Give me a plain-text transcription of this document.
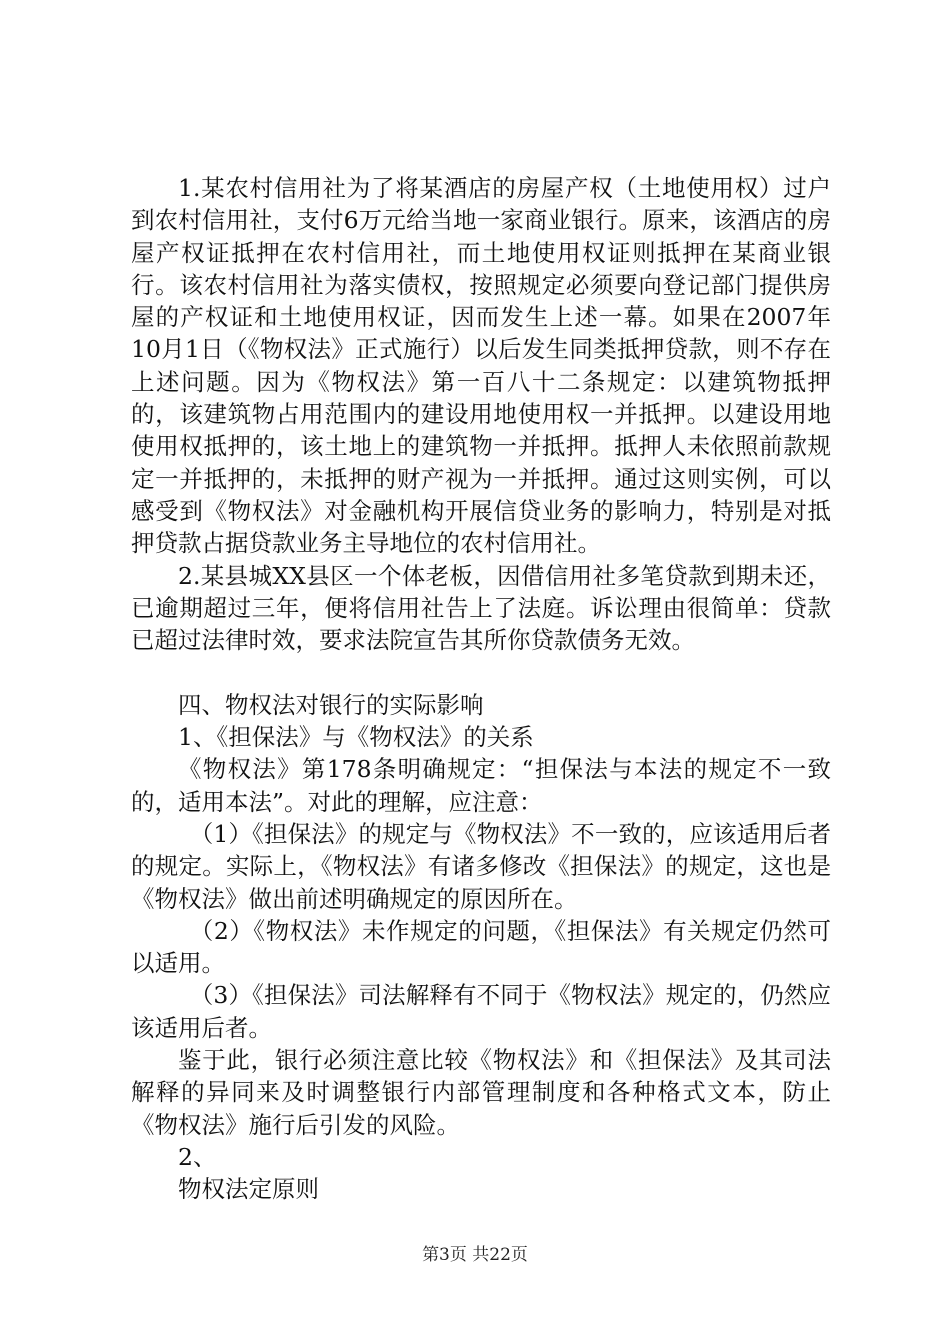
1.某农村信用社为了将某酒店的房屋产权（土地使用权）过户到农村信用社，支付6万元给当地一家商业银行。原来，该酒店的房屋产权证抵押在农村信用社，而土地使用权证则抵押在某商业银行。该农村信用社为落实债权，按照规定必须要向登记部门提供房屋的产权证和土地使用权证，因而发生上述一幕。如果在2007年10月1日（《物权法》正式施行）以后发生同类抵押贷款，则不存在上述问题。因为《物权法》第一百八十二条规定：以建筑物抵押的，该建筑物占用范围内的建设用地使用权一并抵押。以建设用地使用权抵押的，该土地上的建筑物一并抵押。抵押人未依照前款规定一并抵押的，未抵押的财产视为一并抵押。通过这则实例，可以感受到《物权法》对金融机构开展信贷业务的影响力，特别是对抵押贷款占据贷款业务主导地位的农村信用社。

2.某县城XX县区一个体老板，因借信用社多笔贷款到期未还，已逾期超过三年，便将信用社告上了法庭。诉讼理由很简单：贷款已超过法律时效，要求法院宣告其所你贷款债务无效。

四、物权法对银行的实际影响

1、《担保法》与《物权法》的关系

《物权法》第178条明确规定：“担保法与本法的规定不一致的，适用本法”。对此的理解，应注意：

（1）《担保法》的规定与《物权法》不一致的，应该适用后者的规定。实际上，《物权法》有诸多修改《担保法》的规定，这也是《物权法》做出前述明确规定的原因所在。

（2）《物权法》未作规定的问题，《担保法》有关规定仍然可以适用。

（3）《担保法》司法解释有不同于《物权法》规定的，仍然应该适用后者。

鉴于此，银行必须注意比较《物权法》和《担保法》及其司法解释的异同来及时调整银行内部管理制度和各种格式文本，防止《物权法》施行后引发的风险。

2、

物权法定原则

第3页 共22页
